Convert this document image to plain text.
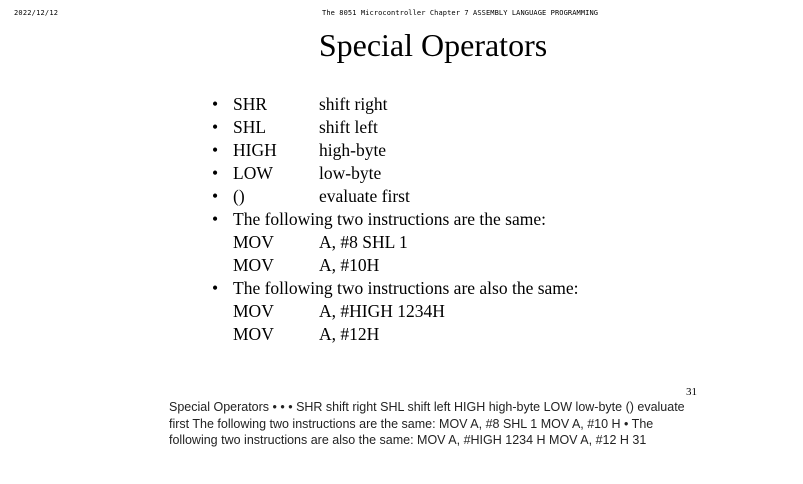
2022/12/12	The 8051 Microcontroller Chapter 7 ASSEMBLY LANGUAGE PROGRAMMING
Special Operators
• SHR	shift right
• SHL	shift left
• HIGH high-byte
• LOW	low-byte
• ()	evaluate first
• The following two instructions are the same:
MOV	A, #8 SHL 1
MOV	A, #10H
• The following two instructions are also the same:
MOV	A, #HIGH 1234H
MOV	A, #12H
31
Special Operators • • • SHR shift right SHL shift left HIGH high-byte LOW low-byte () evaluate first The following two instructions are the same: MOV A, #8 SHL 1 MOV A, #10 H • The following two instructions are also the same: MOV A, #HIGH 1234 H MOV A, #12 H 31
